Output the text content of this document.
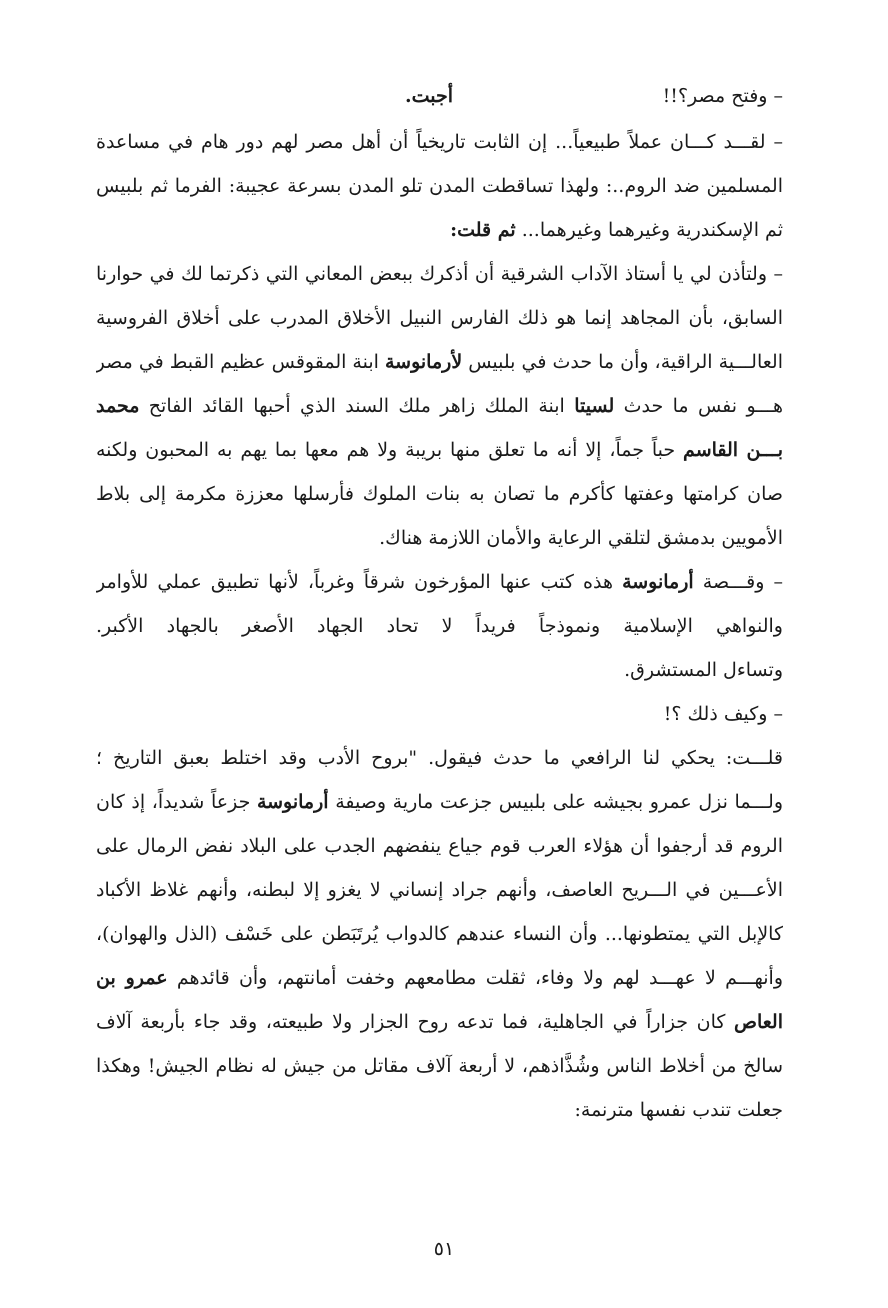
– وفتح مصر؟!!
أجبت.
– لقـــد كـــان عملاً طبيعياً... إن الثابت تاريخياً أن أهل مصر لهم دور هام في مساعدة
المسلمين ضد الروم..: ولهذا تساقطت المدن تلو المدن بسرعة عجيبة: الفرما ثم بلبيس
ثم الإسكندرية وغيرهما وغيرهما... ثم قلت:
– ولتأذن لي يا أستاذ الآداب الشرقية أن أذكرك ببعض المعاني التي ذكرتما لك في حوارنا
السابق، بأن المجاهد إنما هو ذلك الفارس النبيل الأخلاق المدرب على أخلاق الفروسية
العالـــية الراقية، وأن ما حدث في بلبيس لأرمانوسة ابنة المقوقس عظيم القبط في مصر
هـــو نفس ما حدث لسيتا ابنة الملك زاهر ملك السند الذي أحبها القائد الفاتح محمد
بـــن القاسم حباً جماً، إلا أنه ما تعلق منها بريبة ولا هم معها بما يهم به المحبون ولكنه
صان كرامتها وعفتها كأكرم ما تصان به بنات الملوك فأرسلها معززة مكرمة إلى بلاط
الأمويين بدمشق لتلقي الرعاية والأمان اللازمة هناك.
– وقـــصة أرمانوسة هذه كتب عنها المؤرخون شرقاً وغرباً، لأنها تطبيق عملي للأوامر
والنواهي الإسلامية ونموذجاً فريداً لا تحاد الجهاد الأصغر بالجهاد الأكبر.
وتساءل المستشرق.
– وكيف ذلك ؟!
قلـــت: يحكي لنا الرافعي ما حدث فيقول. "بروح الأدب وقد اختلط بعبق التاريخ ؛
ولـــما نزل عمرو بجيشه على بلبيس جزعت مارية وصيفة أرمانوسة جزعاً شديداً، إذ كان
الروم قد أرجفوا أن هؤلاء العرب قوم جياع ينفضهم الجدب على البلاد نفض الرمال على
الأعـــين في الـــريح العاصف، وأنهم جراد إنساني لا يغزو إلا لبطنه، وأنهم غلاظ الأكباد
كالإبل التي يمتطونها... وأن النساء عندهم كالدواب يُرتَبَطن على خَسْف (الذل والهوان)،
وأنهـــم لا عهـــد لهم ولا وفاء، ثقلت مطامعهم وخفت أمانتهم، وأن قائدهم عمرو بن
العاص كان جزاراً في الجاهلية، فما تدعه روح الجزار ولا طبيعته، وقد جاء بأربعة آلاف
سالخ من أخلاط الناس وشُذَّاذهم، لا أربعة آلاف مقاتل من جيش له نظام الجيش! وهكذا
جعلت تندب نفسها مترنمة:
٥١
